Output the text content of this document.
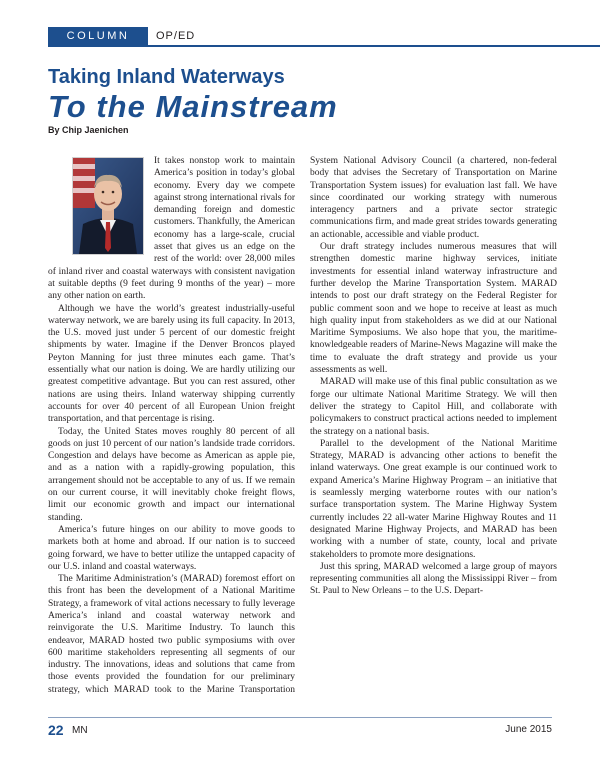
COLUMN	OP/ED
Taking Inland Waterways
To the Mainstream
By Chip Jaenichen

It takes nonstop work to maintain America’s position in today’s global economy. Every day we compete against strong international rivals for demanding foreign and domestic customers. Thankfully, the American economy has a large-scale, crucial asset that gives us an edge on the rest of the world: over 28,000 miles of inland river and coastal waterways with consistent navigation at suitable depths (9 feet during 9 months of the year) – more any other nation on earth.

Although we have the world’s greatest industrially-useful waterway network, we are barely using its full capacity. In 2013, the U.S. moved just under 5 percent of our domestic freight shipments by water. Imagine if the Denver Broncos played Peyton Manning for just three minutes each game. That’s essentially what our nation is doing. We are hardly utilizing our greatest competitive advantage. But you can rest assured, other nations are using theirs. Inland waterway shipping currently accounts for over 40 percent of all European Union freight transportation, and that percentage is rising.

Today, the United States moves roughly 80 percent of all goods on just 10 percent of our nation’s landside trade corridors. Congestion and delays have become as American as apple pie, and as a nation with a rapidly-growing population, this arrangement should not be acceptable to any of us. If we remain on our current course, it will inevitably choke freight flows, limit our economic growth and impact our international standing.

America’s future hinges on our ability to move goods to markets both at home and abroad. If our nation is to succeed going forward, we have to better utilize the untapped capacity of our U.S. inland and coastal waterways.

The Maritime Administration’s (MARAD) foremost effort on this front has been the development of a National Maritime Strategy, a framework of vital actions necessary to fully leverage America’s inland and coastal waterway network and reinvigorate the U.S. Maritime Industry. To launch this endeavor, MARAD hosted two public symposiums with over 600 maritime stakeholders representing all segments of our industry. The innovations, ideas and solutions that came from those events provided the foundation for our preliminary strategy, which MARAD took to the Marine Transportation System National Advisory Council (a chartered, non-federal body that advises the Secretary of Transportation on Marine Transportation System issues) for evaluation last fall. We have since coordinated our working strategy with numerous interagency partners and a private sector strategic communications firm, and made great strides towards generating an actionable, accessible and viable product.

Our draft strategy includes numerous measures that will strengthen domestic marine highway services, initiate investments for essential inland waterway infrastructure and further develop the Marine Transportation System. MARAD intends to post our draft strategy on the Federal Register for public comment soon and we hope to receive at least as much high quality input from stakeholders as we did at our National Maritime Symposiums. We also hope that you, the maritime-knowledgeable readers of Marine-News Magazine will make the time to evaluate the draft strategy and provide us your assessments as well.

MARAD will make use of this final public consultation as we forge our ultimate National Maritime Strategy. We will then deliver the strategy to Capitol Hill, and collaborate with policymakers to construct practical actions needed to implement the strategy on a national basis.

Parallel to the development of the National Maritime Strategy, MARAD is advancing other actions to benefit the inland waterways. One great example is our continued work to expand America’s Marine Highway Program – an initiative that is seamlessly merging waterborne routes with our nation’s surface transportation system. The Marine Highway System currently includes 22 all-water Marine Highway Routes and 11 designated Marine Highway Projects, and MARAD has been working with a number of state, county, local and private stakeholders to promote more designations.

Just this spring, MARAD welcomed a large group of mayors representing communities all along the Mississippi River – from St. Paul to New Orleans – to the U.S. Depart-

22 MN	June 2015
